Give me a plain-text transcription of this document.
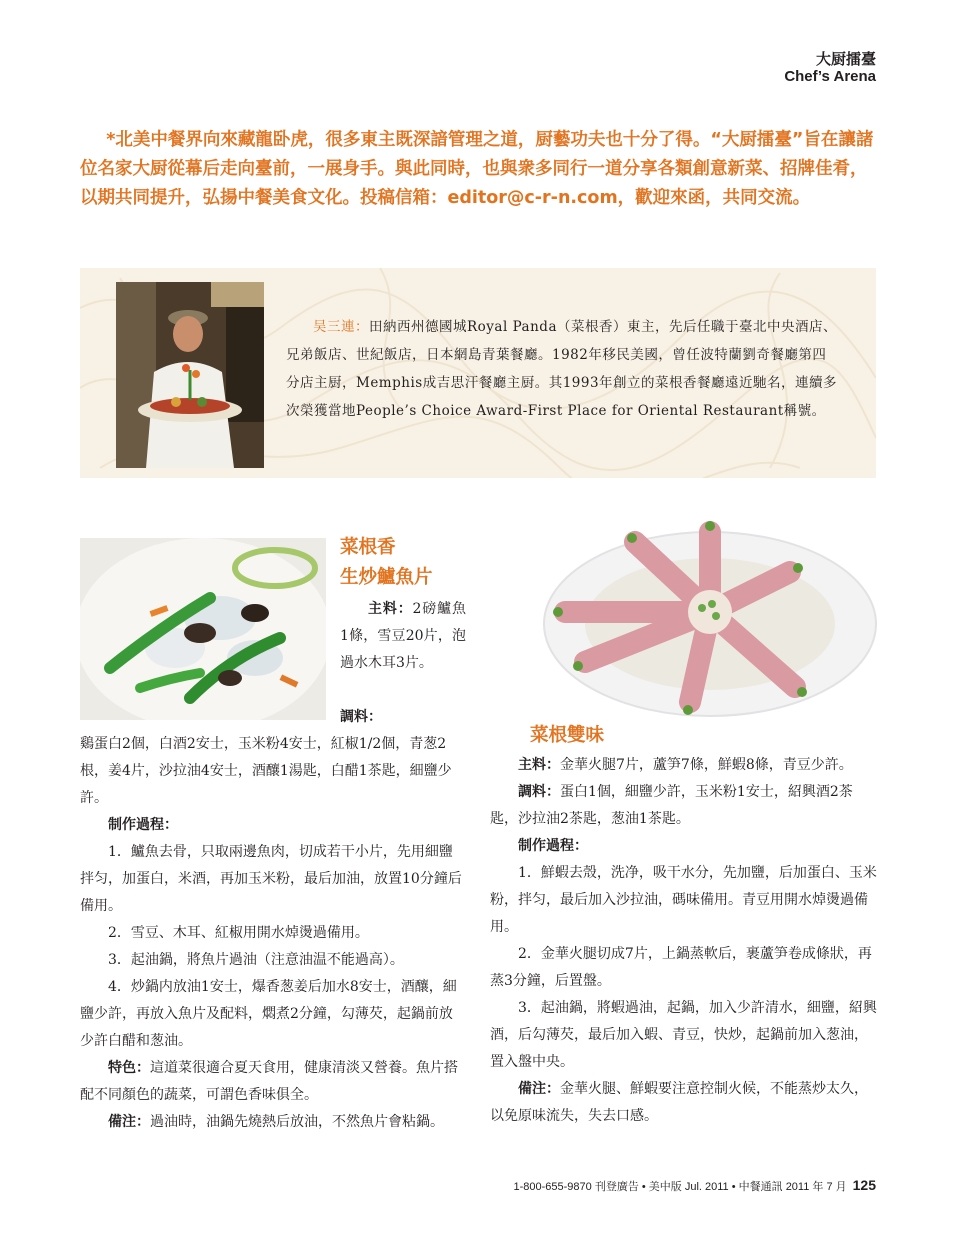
大厨擂臺
Chef’s Arena

*北美中餐界向來藏龍卧虎，很多東主既深諳管理之道，厨藝功夫也十分了得。“大厨擂臺”旨在讓諸位名家大厨從幕后走向臺前，一展身手。與此同時，也與衆多同行一道分享各類創意新菜、招牌佳肴，以期共同提升，弘揚中餐美食文化。投稿信箱：editor@c-r-n.com，歡迎來函，共同交流。

吴三連：田納西州德國城Royal Panda（菜根香）東主，先后任職于臺北中央酒店、兄弟飯店、世紀飯店，日本網島青葉餐廳。1982年移民美國，曾任波特蘭劉奇餐廳第四分店主厨，Memphis成吉思汗餐廳主厨。其1993年創立的菜根香餐廳遠近馳名，連續多次榮獲當地People’s Choice Award-First Place for Oriental Restaurant稱號。

菜根香
生炒鱸魚片

主料：2磅鱸魚1條，雪豆20片，泡過水木耳3片。

調料：

鷄蛋白2個，白酒2安士，玉米粉4安士，紅椒1/2個，青葱2根，姜4片，沙拉油4安士，酒釀1湯匙，白醋1茶匙，細鹽少許。

制作過程：

1．鱸魚去骨，只取兩邊魚肉，切成若干小片，先用細鹽拌匀，加蛋白，米酒，再加玉米粉，最后加油，放置10分鐘后備用。

2．雪豆、木耳、紅椒用開水焯燙過備用。

3．起油鍋，將魚片過油（注意油温不能過高）。

4．炒鍋内放油1安士，爆香葱姜后加水8安士，酒釀，細鹽少許，再放入魚片及配料，燜煮2分鐘，勾薄芡，起鍋前放少許白醋和葱油。

特色：這道菜很適合夏天食用，健康清淡又營養。魚片搭配不同顏色的蔬菜，可謂色香味俱全。

備注：過油時，油鍋先燒熱后放油，不然魚片會粘鍋。

菜根雙味

主料：金華火腿7片，蘆笋7條，鮮蝦8條，青豆少許。

調料：蛋白1個，細鹽少許，玉米粉1安士，紹興酒2茶匙，沙拉油2茶匙，葱油1茶匙。

制作過程：

1．鮮蝦去殼，洗净，吸干水分，先加鹽，后加蛋白、玉米粉，拌匀，最后加入沙拉油，碼味備用。青豆用開水焯燙過備用。

2．金華火腿切成7片，上鍋蒸軟后，裹蘆笋卷成條狀，再蒸3分鐘，后置盤。

3．起油鍋，將蝦過油，起鍋，加入少許清水，細鹽，紹興酒，后勾薄芡，最后加入蝦、青豆，快炒，起鍋前加入葱油，置入盤中央。

備注：金華火腿、鮮蝦要注意控制火候，不能蒸炒太久，以免原味流失，失去口感。

1-800-655-9870 刊登廣告 • 美中版 Jul. 2011 • 中餐通訊 2011 年 7 月 125
